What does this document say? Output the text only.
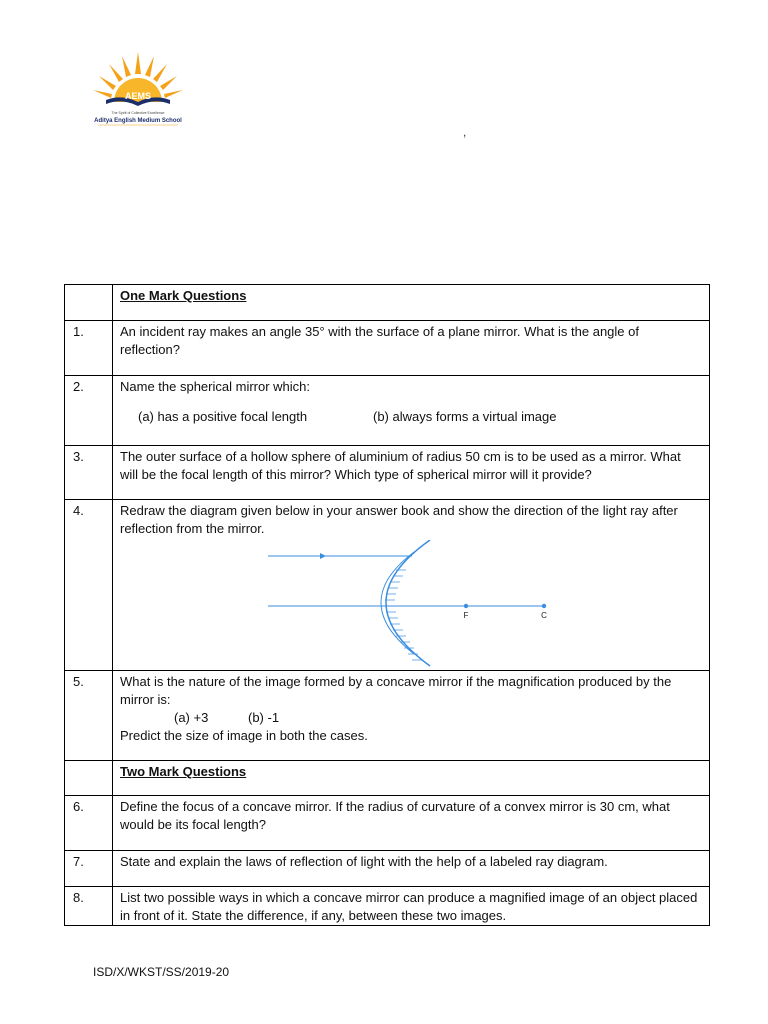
AEMS
The Spirit of Collective Excellence
Aditya English Medium School
,

	One Mark Questions

1.	An incident ray makes an angle 35° with the surface of a plane mirror. What is the angle of reflection?

2.	Name the spherical mirror which:
(a) has a positive focal length (b) always forms a virtual image

3.	The outer surface of a hollow sphere of aluminium of radius 50 cm is to be used as a mirror. What will be the focal length of this mirror? Which type of spherical mirror will it provide?

4.	Redraw the diagram given below in your answer book and show the direction of the light ray after reflection from the mirror.
F C

5.	What is the nature of the image formed by a concave mirror if the magnification produced by the mirror is:
(a) +3 (b) -1
Predict the size of image in both the cases.

	Two Mark Questions

6.	Define the focus of a concave mirror. If the radius of curvature of a convex mirror is 30 cm, what would be its focal length?

7.	State and explain the laws of reflection of light with the help of a labeled ray diagram.

8.	List two possible ways in which a concave mirror can produce a magnified image of an object placed in front of it. State the difference, if any, between these two images.
ISD/X/WKST/SS/2019-20
